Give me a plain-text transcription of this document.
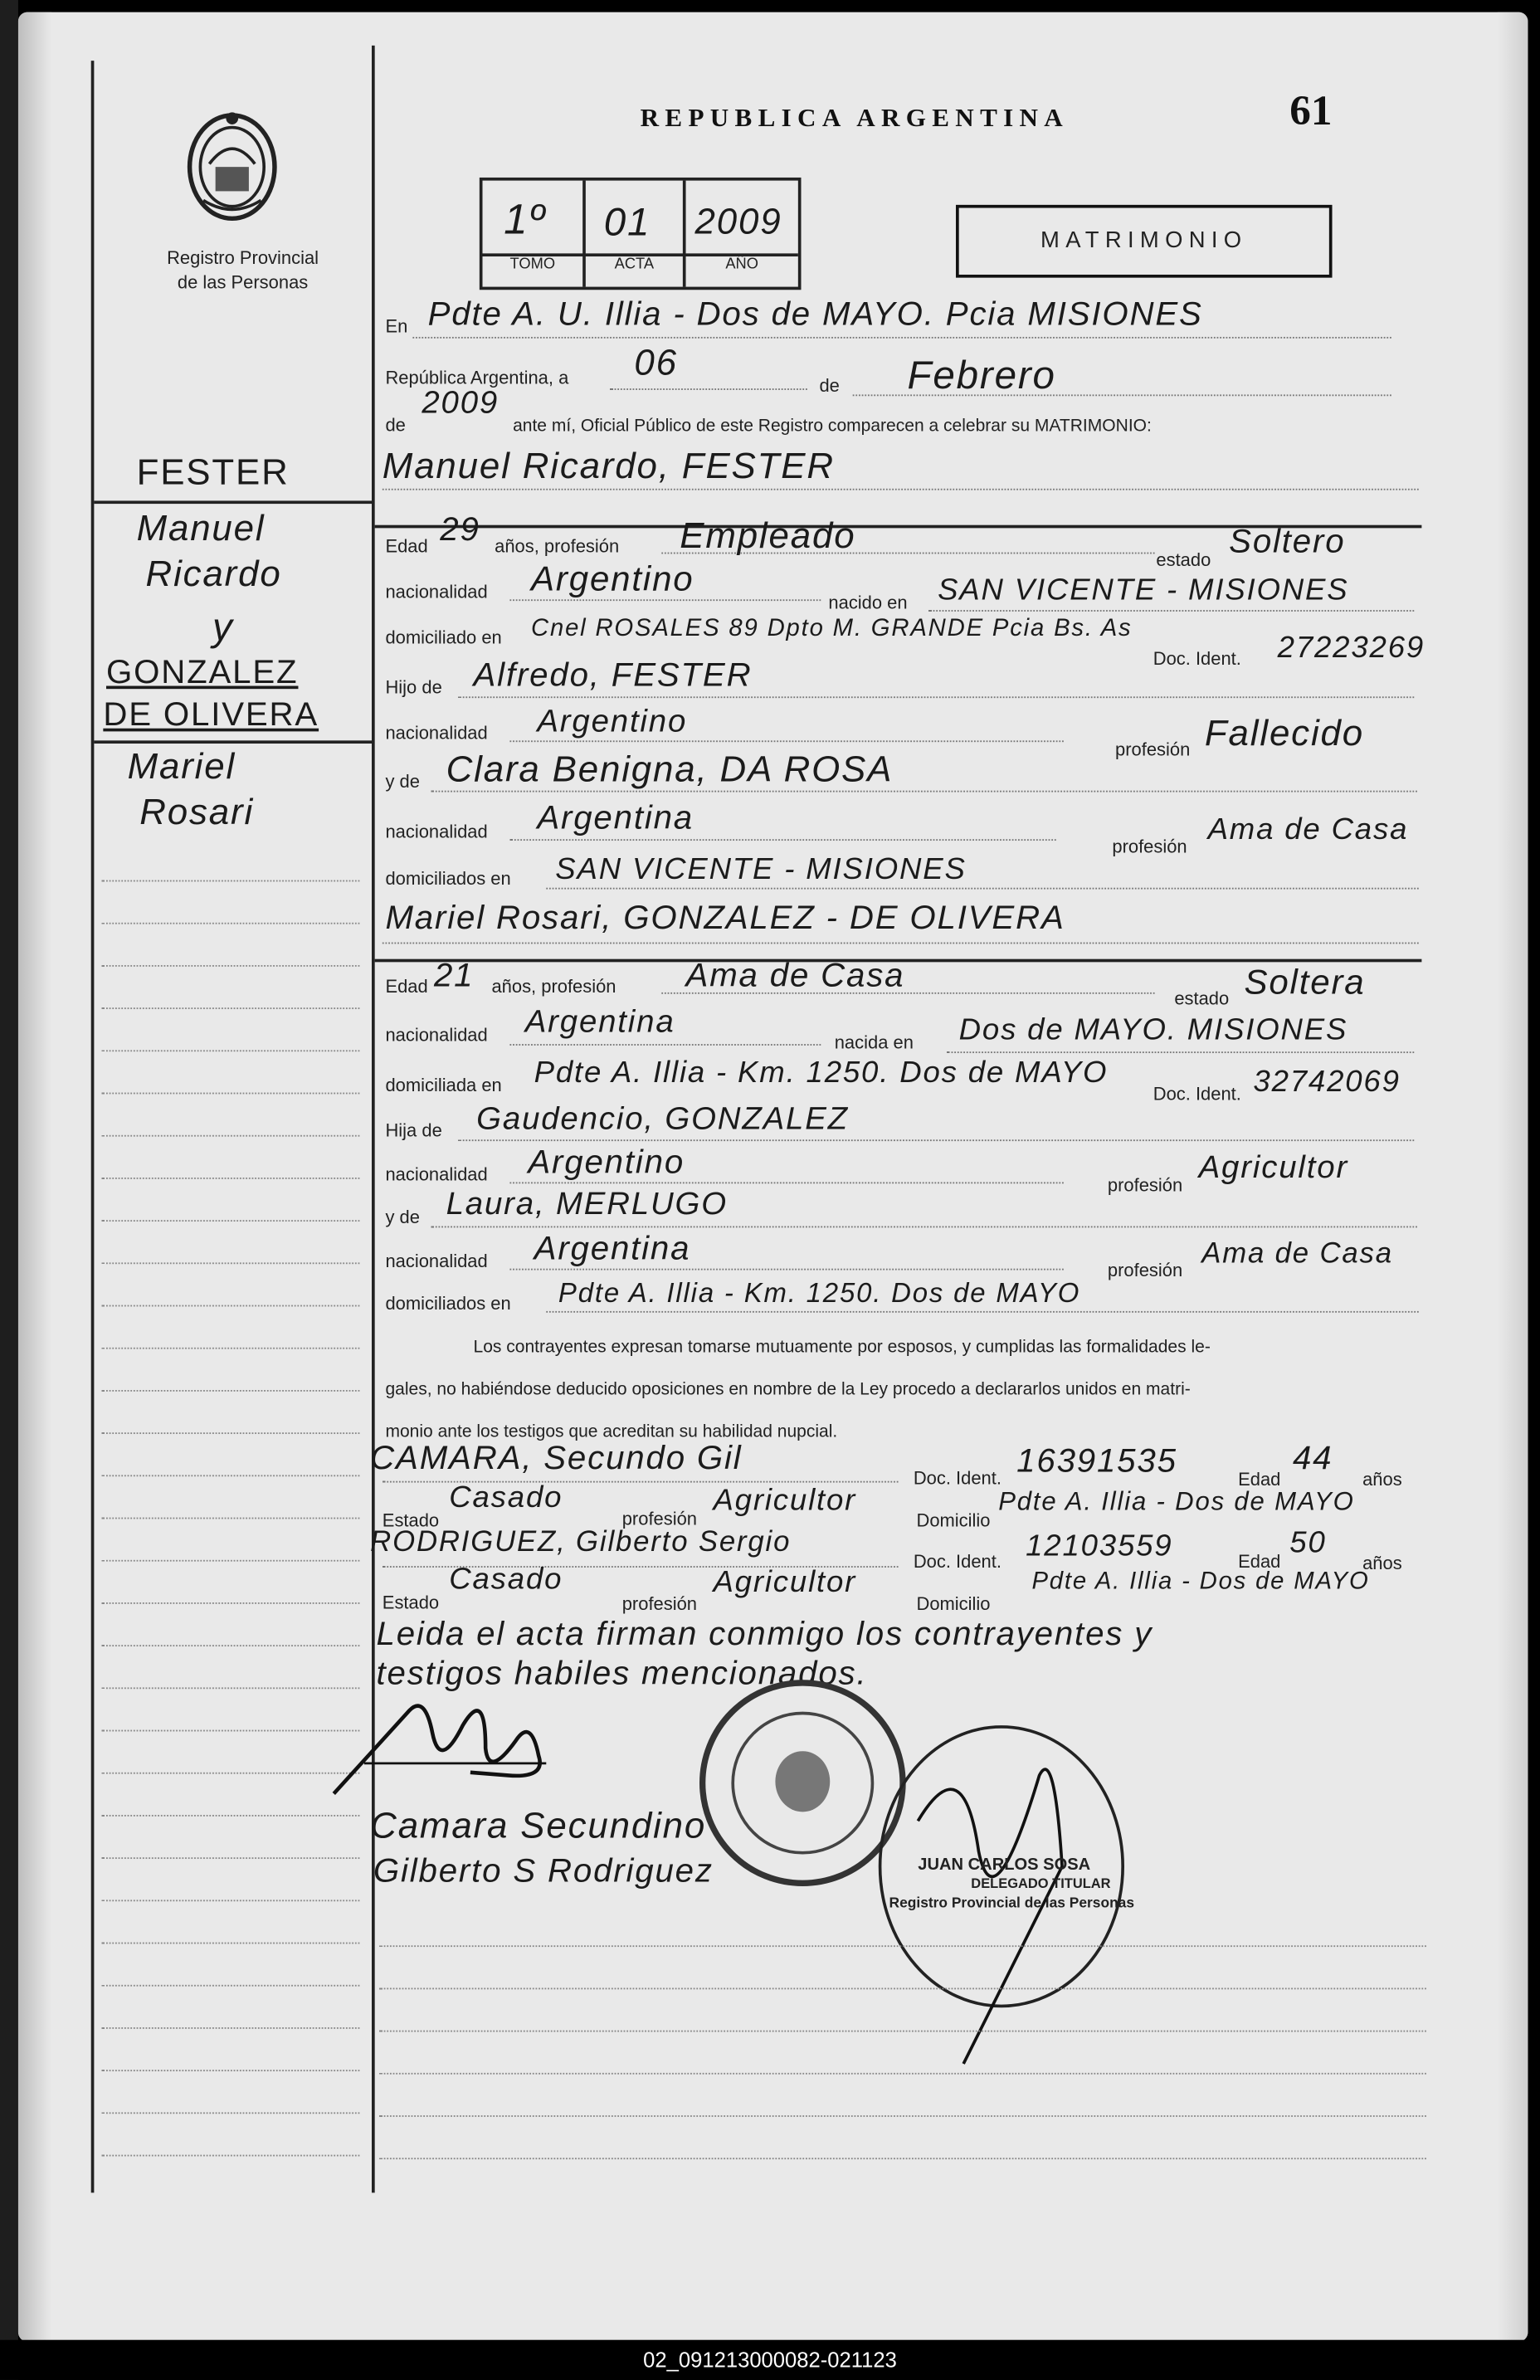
Registro Provincial
de las Personas
REPUBLICA ARGENTINA	61
1º	01 2009
TOMO	ACTA	AÑO
MATRIMONIO
FESTER
Manuel
Ricardo
y
GONZALEZ
DE OLIVERA
Mariel
Rosari
En Pdte A. U. Illia - Dos de MAYO. Pcia MISIONES
República Argentina, a	06
de	Febrero
de
2009
ante mí, Oficial Público de este Registro comparecen a celebrar su MATRIMONIO:
Manuel Ricardo, FESTER
Edad 29 años, profesión	Empleado
estado Soltero
nacionalidad Argentino
nacido en SAN VICENTE - MISIONES
domiciliado en Cnel ROSALES 89 Dpto M. GRANDE Pcia Bs. As
Doc. Ident. 27223269
Hijo de Alfredo, FESTER
nacionalidad	Argentino
profesión Fallecido
y de Clara Benigna, DA ROSA
nacionalidad	Argentina
profesión
Ama de Casa
domiciliados en	SAN VICENTE - MISIONES
Mariel Rosari, GONZALEZ - DE OLIVERA
Edad 21 años, profesión	Ama de Casa
estado Soltera
nacionalidad Argentina
nacida en	Dos de MAYO. MISIONES
domiciliada en Pdte A. Illia - Km. 1250. Dos de MAYO
Doc. Ident. 32742069
Hija de Gaudencio, GONZALEZ
nacionalidad Argentino
profesión
Agricultor
y de Laura, MERLUGO
nacionalidad	Argentina
profesión
Ama de Casa
domiciliados en	Pdte A. Illia - Km. 1250. Dos de MAYO
Los contrayentes expresan tomarse mutuamente por esposos, y cumplidas las formalidades le-
gales, no habiéndose deducido oposiciones en nombre de la Ley procedo a declararlos unidos en matri-
monio ante los testigos que acreditan su habilidad nupcial.
CAMARA, Secundo Gil
Doc. Ident. 16391535
Edad
44
años
Estado
Casado
profesión
Agricultor
Domicilio
Pdte A. Illia - Dos de MAYO
RODRIGUEZ, Gilberto Sergio
Doc. Ident. 12103559	Edad
50
años
Estado
Casado
profesión
Agricultor
Domicilio
Pdte A. Illia - Dos de MAYO
Leida el acta firman conmigo los contrayentes y
testigos habiles mencionados.
Camara Secundino
Gilberto S Rodriguez	JUAN CARLOS SOSA
DELEGADO TITULAR
Registro Provincial de las Personas
02_091213000082-021123
